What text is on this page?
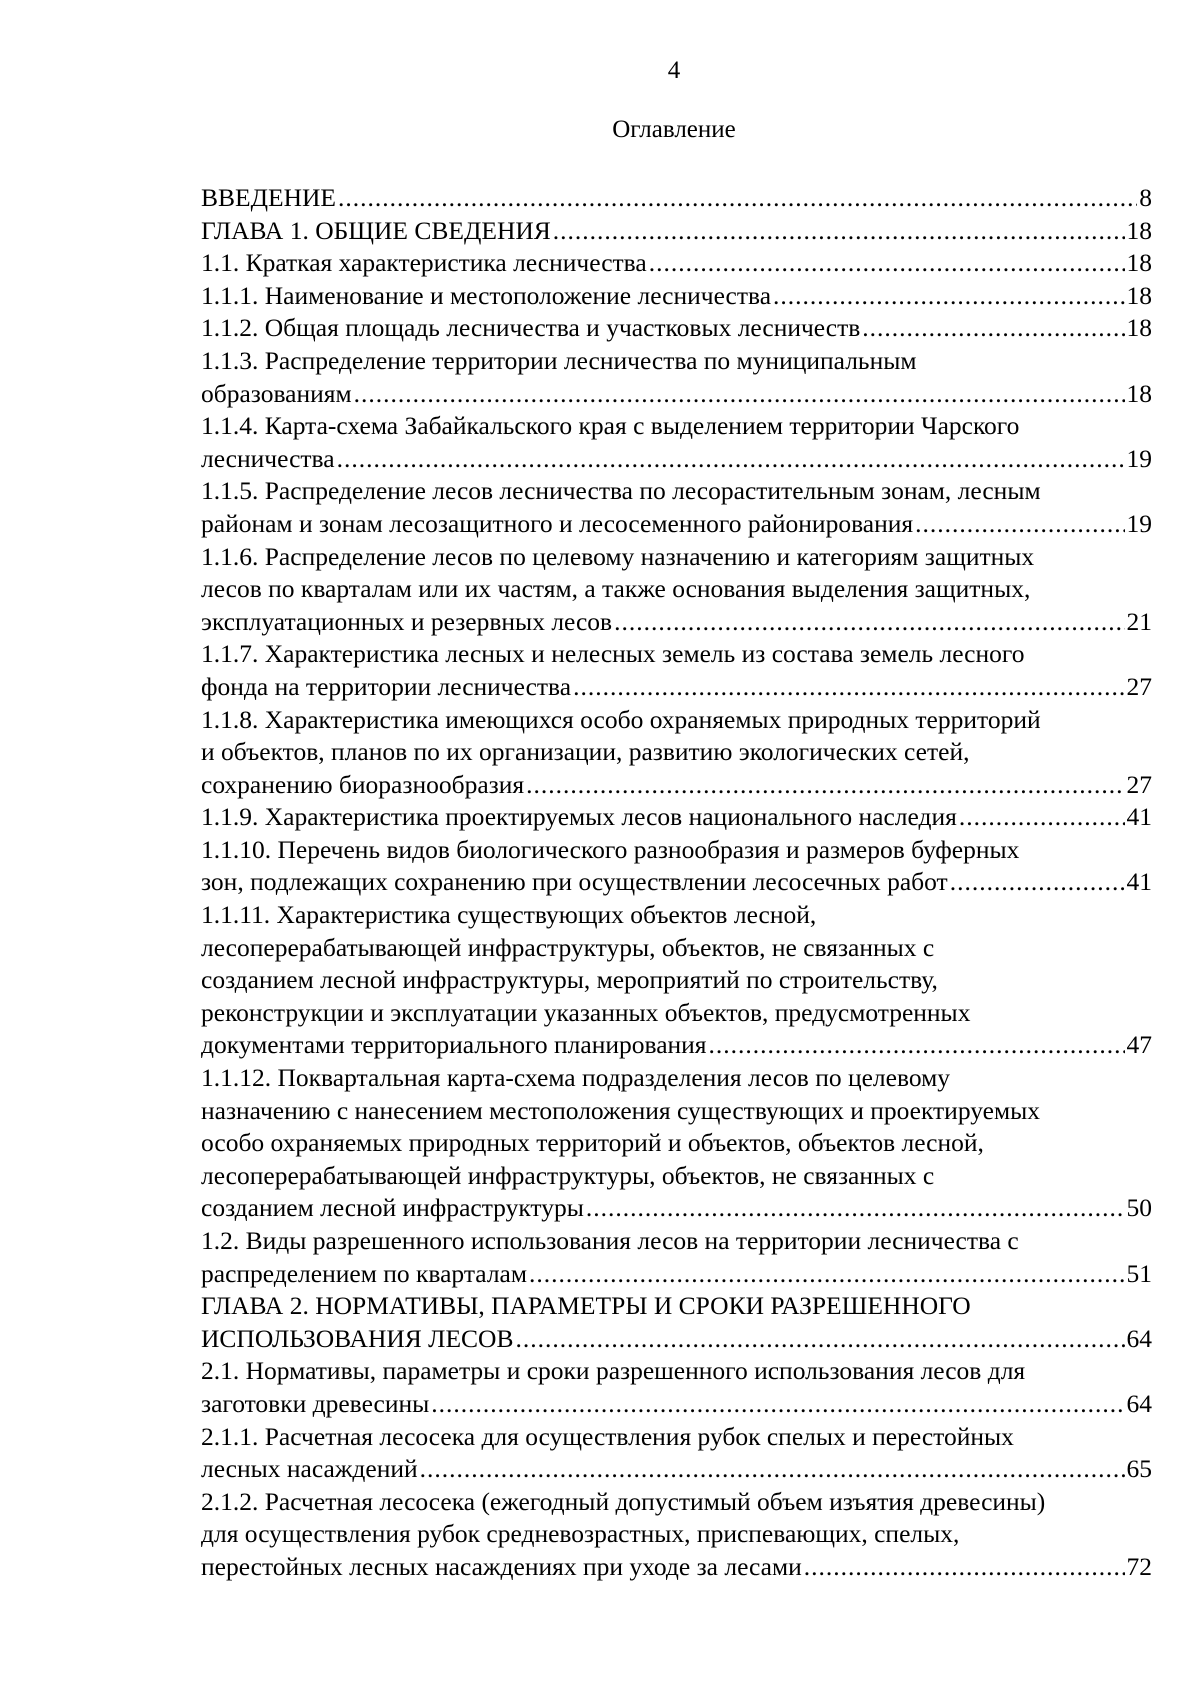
4
Оглавление
ВВЕДЕНИЕ .....	8
ГЛАВА 1. ОБЩИЕ СВЕДЕНИЯ .....	18
1.1. Краткая характеристика лесничества .....	18
1.1.1. Наименование и местоположение лесничества .....	18
1.1.2. Общая площадь лесничества и участковых лесничеств .....	18
1.1.3. Распределение территории лесничества по муниципальным
образованиям .....	18
1.1.4. Карта-схема Забайкальского края с выделением территории Чарского
лесничества .....	19
1.1.5. Распределение лесов лесничества по лесорастительным зонам, лесным
районам и зонам лесозащитного и лесосеменного районирования .....	19
1.1.6. Распределение лесов по целевому назначению и категориям защитных
лесов по кварталам или их частям, а также основания выделения защитных,
эксплуатационных и резервных лесов .....	21
1.1.7. Характеристика лесных и нелесных земель из состава земель лесного
фонда на территории лесничества .....	27
1.1.8. Характеристика имеющихся особо охраняемых природных территорий
и объектов, планов по их организации, развитию экологических сетей,
сохранению биоразнообразия .....	27
1.1.9. Характеристика проектируемых лесов национального наследия .....	41
1.1.10. Перечень видов биологического разнообразия и размеров буферных
зон, подлежащих сохранению при осуществлении лесосечных работ .....	41
1.1.11. Характеристика существующих объектов лесной,
лесоперерабатывающей инфраструктуры, объектов, не связанных с
созданием лесной инфраструктуры, мероприятий по строительству,
реконструкции и эксплуатации указанных объектов, предусмотренных
документами территориального планирования .....	47
1.1.12. Поквартальная карта-схема подразделения лесов по целевому
назначению с нанесением местоположения существующих и проектируемых
особо охраняемых природных территорий и объектов, объектов лесной,
лесоперерабатывающей инфраструктуры, объектов, не связанных с
созданием лесной инфраструктуры .....	50
1.2. Виды разрешенного использования лесов на территории лесничества с
распределением по кварталам .....	51
ГЛАВА 2. НОРМАТИВЫ, ПАРАМЕТРЫ И СРОКИ РАЗРЕШЕННОГО
ИСПОЛЬЗОВАНИЯ ЛЕСОВ .....	64
2.1. Нормативы, параметры и сроки разрешенного использования лесов для
заготовки древесины .....	64
2.1.1. Расчетная лесосека для осуществления рубок спелых и перестойных
лесных насаждений .....	65
2.1.2. Расчетная лесосека (ежегодный допустимый объем изъятия древесины)
для осуществления рубок средневозрастных, приспевающих, спелых,
перестойных лесных насаждениях при уходе за лесами .....	72
